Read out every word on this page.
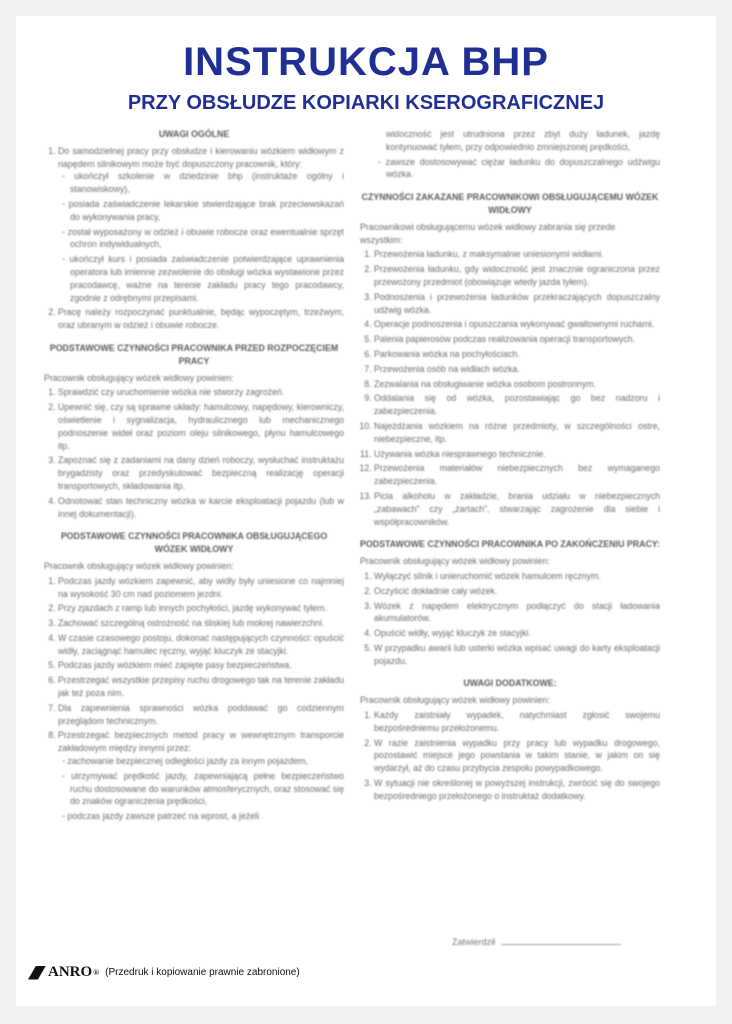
INSTRUKCJA BHP
PRZY OBSŁUDZE KOPIARKI KSEROGRAFICZNEJ
UWAGI OGÓLNE
1. Do samodzielnej pracy przy obsłudze i kierowaniu wózkiem widłowym z napędem silnikowym może być dopuszczony pracownik, który:
- ukończył szkolenie w dziedzinie bhp (instruktaże ogólny i stanowiskowy),
- posiada zaświadczenie lekarskie stwierdzające brak przeciwwskazań do wykonywania pracy,
- został wyposażony w odzież i obuwie robocze oraz ewentualnie sprzęt ochron indywidualnych,
- ukończył kurs i posiada zaświadczenie potwierdzające uprawnienia operatora lub imienne zezwolenie do obsługi wózka wystawione przez pracodawcę, ważne na terenie zakładu pracy tego pracodawcy, zgodnie z odrębnymi przepisami.
2. Pracę należy rozpoczynać punktualnie, będąc wypoczętym, trzeźwym, oraz ubranym w odzież i obuwie robocze.
PODSTAWOWE CZYNNOŚCI PRACOWNIKA PRZED ROZPOCZĘCIEM PRACY
Pracownik obsługujący wózek widłowy powinien:
1. Sprawdzić czy uruchomienie wózka nie stworzy zagrożeń.
2. Upewnić się, czy są sprawne układy: hamulcowy, napędowy, kierowniczy, oświetlenie i sygnalizacja, hydraulicznego lub mechanicznego podnoszenie wideł oraz poziom oleju silnikowego, płynu hamulcowego itp.
3. Zapoznać się z zadaniami na dany dzień roboczy, wysłuchać instruktażu brygadzisty oraz przedyskutować bezpieczną realizację operacji transportowych, składowania itp.
4. Odnotować stan techniczny wózka w karcie eksploatacji pojazdu (lub w innej dokumentacji).
PODSTAWOWE CZYNNOŚCI PRACOWNIKA OBSŁUGUJĄCEGO WÓZEK WIDŁOWY
Pracownik obsługujący wózek widłowy powinien:
1. Podczas jazdy wózkiem zapewnić, aby widły były uniesione co najmniej na wysokość 30 cm nad poziomem jezdni.
2. Przy zjazdach z ramp lub innych pochyłości, jazdę wykonywać tyłem.
3. Zachować szczególną ostrożność na śliskiej lub mokrej nawierzchni.
4. W czasie czasowego postoju, dokonać następujących czynności: opuścić widły, zaciągnąć hamulec ręczny, wyjąć kluczyk ze stacyjki.
5. Podczas jazdy wózkiem mieć zapięte pasy bezpieczeństwa.
6. Przestrzegać wszystkie przepisy ruchu drogowego tak na terenie zakładu jak też poza nim.
7. Dla zapewnienia sprawności wózka poddawać go codziennym przeglądom technicznym.
8. Przestrzegać bezpiecznych metod pracy w wewnętrznym transporcie zakładowym między innymi przez:
- zachowanie bezpiecznej odległości jazdy za innym pojazdem,
- utrzymywać prędkość jazdy, zapewniającą pełne bezpieczeństwo ruchu dostosowane do warunków atmosferycznych, oraz stosować się do znaków ograniczenia prędkości,
- podczas jazdy zawsze patrzeć na wprost, a jeżeli
widoczność jest utrudniona przez zbyt duży ładunek, jazdę kontynuować tyłem, przy odpowiednio zmniejszonej prędkości,
- zawsze dostosowywać ciężar ładunku do dopuszczalnego udźwigu wózka.
CZYNNOŚCI ZAKAZANE PRACOWNIKOWI OBSŁUGUJĄCEMU WÓZEK WIDŁOWY
Pracownikowi obsługującemu wózek widłowy zabrania się przede wszystkim:
1. Przewożenia ładunku, z maksymalnie uniesionymi widłami.
2. Przewożenia ładunku, gdy widoczność jest znacznie ograniczona przez przewożony przedmiot (obowiązuje wtedy jazda tyłem).
3. Podnoszenia i przewożenia ładunków przekraczających dopuszczalny udźwig wózka.
4. Operacje podnoszenia i opuszczania wykonywać gwałtownymi ruchami.
5. Palenia papierosów podczas realizowania operacji transportowych.
6. Parkowania wózka na pochyłościach.
7. Przewożenia osób na widłach wózka.
8. Zezwalania na obsługiwanie wózka osobom postronnym.
9. Oddalania się od wózka, pozostawiając go bez nadzoru i zabezpieczenia.
10. Najeżdżania wózkiem na różne przedmioty, w szczególności ostre, niebezpieczne, itp.
11. Używania wózka niesprawnego technicznie.
12. Przewożenia materiałów niebezpiecznych bez wymaganego zabezpieczenia.
13. Picia alkoholu w zakładzie, brania udziału w niebezpiecznych „zabawach” czy „żartach”, stwarzając zagrożenie dla siebie i współpracowników.
PODSTAWOWE CZYNNOŚCI PRACOWNIKA PO ZAKOŃCZENIU PRACY:
Pracownik obsługujący wózek widłowy powinien:
1. Wyłączyć silnik i unieruchomić wózek hamulcem ręcznym.
2. Oczyścić dokładnie cały wózek.
3. Wózek z napędem elektrycznym podłączyć do stacji ładowania akumulatorów.
4. Opuścić widły, wyjąć kluczyk ze stacyjki.
5. W przypadku awarii lub usterki wózka wpisać uwagi do karty eksploatacji pojazdu.
UWAGI DODATKOWE:
Pracownik obsługujący wózek widłowy powinien:
1. Każdy zaistniały wypadek, natychmiast zgłosić swojemu bezpośredniemu przełożonemu.
2. W razie zaistnienia wypadku przy pracy lub wypadku drogowego, pozostawić miejsce jego powstania w takim stanie, w jakim on się wydarzył, aż do czasu przybycia zespołu powypadkowego.
3. W sytuacji nie określonej w powyższej instrukcji, zwrócić się do swojego bezpośredniego przełożonego o instruktaż dodatkowy.
Zatwierdził
ANRO ® (Przedruk i kopiowanie prawnie zabronione)
